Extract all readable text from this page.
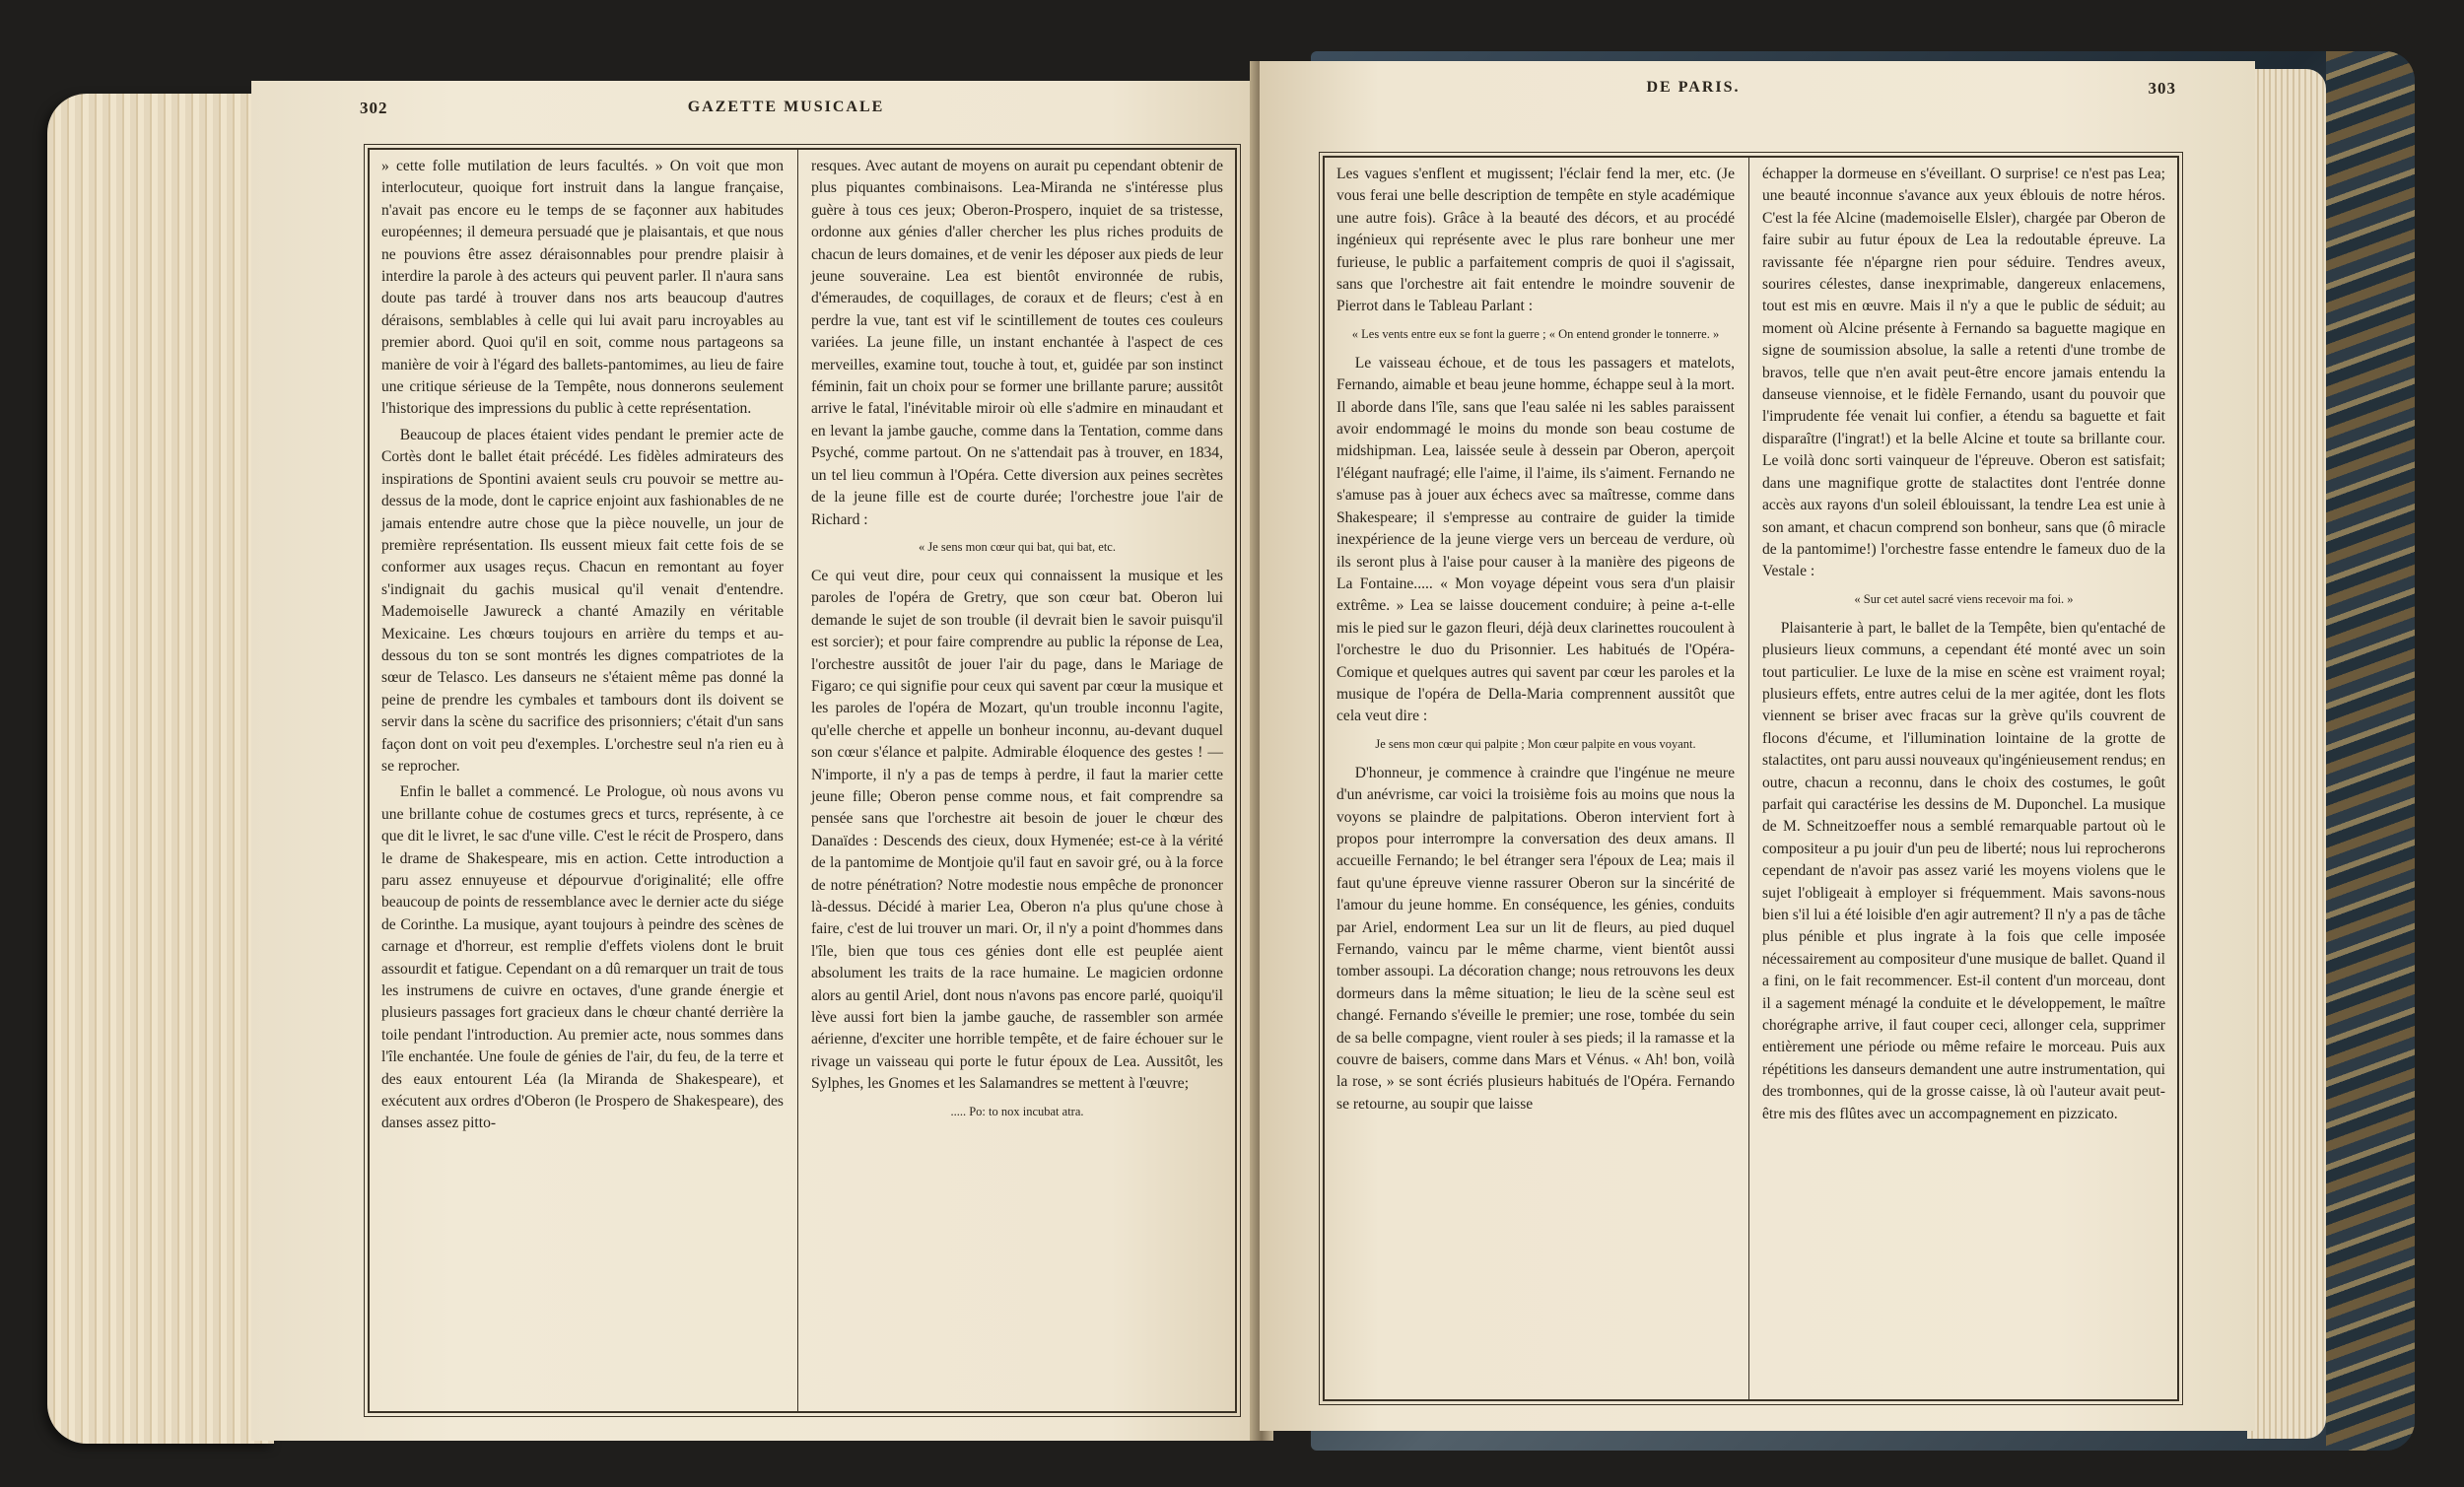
302	GAZETTE MUSICALE

» cette folle mutilation de leurs facultés. » On voit que mon interlocuteur, quoique fort instruit dans la langue française, n'avait pas encore eu le temps de se façonner aux habitudes européennes; il demeura persuadé que je plaisantais, et que nous ne pouvions être assez déraisonnables pour prendre plaisir à interdire la parole à des acteurs qui peuvent parler. Il n'aura sans doute pas tardé à trouver dans nos arts beaucoup d'autres déraisons, semblables à celle qui lui avait paru incroyables au premier abord. Quoi qu'il en soit, comme nous partageons sa manière de voir à l'égard des ballets-pantomimes, au lieu de faire une critique sérieuse de la Tempête, nous donnerons seulement l'historique des impressions du public à cette représentation.

Beaucoup de places étaient vides pendant le premier acte de Cortès dont le ballet était précédé. Les fidèles admirateurs des inspirations de Spontini avaient seuls cru pouvoir se mettre au-dessus de la mode, dont le caprice enjoint aux fashionables de ne jamais entendre autre chose que la pièce nouvelle, un jour de première représentation. Ils eussent mieux fait cette fois de se conformer aux usages reçus. Chacun en remontant au foyer s'indignait du gachis musical qu'il venait d'entendre. Mademoiselle Jawureck a chanté Amazily en véritable Mexicaine. Les chœurs toujours en arrière du temps et au-dessous du ton se sont montrés les dignes compatriotes de la sœur de Telasco. Les danseurs ne s'étaient même pas donné la peine de prendre les cymbales et tambours dont ils doivent se servir dans la scène du sacrifice des prisonniers; c'était d'un sans façon dont on voit peu d'exemples. L'orchestre seul n'a rien eu à se reprocher.

Enfin le ballet a commencé. Le Prologue, où nous avons vu une brillante cohue de costumes grecs et turcs, représente, à ce que dit le livret, le sac d'une ville. C'est le récit de Prospero, dans le drame de Shakespeare, mis en action. Cette introduction a paru assez ennuyeuse et dépourvue d'originalité; elle offre beaucoup de points de ressemblance avec le dernier acte du siége de Corinthe. La musique, ayant toujours à peindre des scènes de carnage et d'horreur, est remplie d'effets violens dont le bruit assourdit et fatigue. Cependant on a dû remarquer un trait de tous les instrumens de cuivre en octaves, d'une grande énergie et plusieurs passages fort gracieux dans le chœur chanté derrière la toile pendant l'introduction. Au premier acte, nous sommes dans l'île enchantée. Une foule de génies de l'air, du feu, de la terre et des eaux entourent Léa (la Miranda de Shakespeare), et exécutent aux ordres d'Oberon (le Prospero de Shakespeare), des danses assez pitto-

resques. Avec autant de moyens on aurait pu cependant obtenir de plus piquantes combinaisons. Lea-Miranda ne s'intéresse plus guère à tous ces jeux; Oberon-Prospero, inquiet de sa tristesse, ordonne aux génies d'aller chercher les plus riches produits de chacun de leurs domaines, et de venir les déposer aux pieds de leur jeune souveraine. Lea est bientôt environnée de rubis, d'émeraudes, de coquillages, de coraux et de fleurs; c'est à en perdre la vue, tant est vif le scintillement de toutes ces couleurs variées. La jeune fille, un instant enchantée à l'aspect de ces merveilles, examine tout, touche à tout, et, guidée par son instinct féminin, fait un choix pour se former une brillante parure; aussitôt arrive le fatal, l'inévitable miroir où elle s'admire en minaudant et en levant la jambe gauche, comme dans la Tentation, comme dans Psyché, comme partout. On ne s'attendait pas à trouver, en 1834, un tel lieu commun à l'Opéra. Cette diversion aux peines secrètes de la jeune fille est de courte durée; l'orchestre joue l'air de Richard :

« Je sens mon cœur qui bat, qui bat, etc.

Ce qui veut dire, pour ceux qui connaissent la musique et les paroles de l'opéra de Gretry, que son cœur bat. Oberon lui demande le sujet de son trouble (il devrait bien le savoir puisqu'il est sorcier); et pour faire comprendre au public la réponse de Lea, l'orchestre aussitôt de jouer l'air du page, dans le Mariage de Figaro; ce qui signifie pour ceux qui savent par cœur la musique et les paroles de l'opéra de Mozart, qu'un trouble inconnu l'agite, qu'elle cherche et appelle un bonheur inconnu, au-devant duquel son cœur s'élance et palpite. Admirable éloquence des gestes ! — N'importe, il n'y a pas de temps à perdre, il faut la marier cette jeune fille; Oberon pense comme nous, et fait comprendre sa pensée sans que l'orchestre ait besoin de jouer le chœur des Danaïdes : Descends des cieux, doux Hymenée; est-ce à la vérité de la pantomime de Montjoie qu'il faut en savoir gré, ou à la force de notre pénétration? Notre modestie nous empêche de prononcer là-dessus. Décidé à marier Lea, Oberon n'a plus qu'une chose à faire, c'est de lui trouver un mari. Or, il n'y a point d'hommes dans l'île, bien que tous ces génies dont elle est peuplée aient absolument les traits de la race humaine. Le magicien ordonne alors au gentil Ariel, dont nous n'avons pas encore parlé, quoiqu'il lève aussi fort bien la jambe gauche, de rassembler son armée aérienne, d'exciter une horrible tempête, et de faire échouer sur le rivage un vaisseau qui porte le futur époux de Lea. Aussitôt, les Sylphes, les Gnomes et les Salamandres se mettent à l'œuvre;

..... Po: to nox incubat atra.

DE PARIS.	303

Les vagues s'enflent et mugissent; l'éclair fend la mer, etc. (Je vous ferai une belle description de tempête en style académique une autre fois). Grâce à la beauté des décors, et au procédé ingénieux qui représente avec le plus rare bonheur une mer furieuse, le public a parfaitement compris de quoi il s'agissait, sans que l'orchestre ait fait entendre le moindre souvenir de Pierrot dans le Tableau Parlant :

« Les vents entre eux se font la guerre ; « On entend gronder le tonnerre. »

Le vaisseau échoue, et de tous les passagers et matelots, Fernando, aimable et beau jeune homme, échappe seul à la mort. Il aborde dans l'île, sans que l'eau salée ni les sables paraissent avoir endommagé le moins du monde son beau costume de midshipman. Lea, laissée seule à dessein par Oberon, aperçoit l'élégant naufragé; elle l'aime, il l'aime, ils s'aiment. Fernando ne s'amuse pas à jouer aux échecs avec sa maîtresse, comme dans Shakespeare; il s'empresse au contraire de guider la timide inexpérience de la jeune vierge vers un berceau de verdure, où ils seront plus à l'aise pour causer à la manière des pigeons de La Fontaine..... « Mon voyage dépeint vous sera d'un plaisir extrême. » Lea se laisse doucement conduire; à peine a-t-elle mis le pied sur le gazon fleuri, déjà deux clarinettes roucoulent à l'orchestre le duo du Prisonnier. Les habitués de l'Opéra-Comique et quelques autres qui savent par cœur les paroles et la musique de l'opéra de Della-Maria comprennent aussitôt que cela veut dire :

Je sens mon cœur qui palpite ; Mon cœur palpite en vous voyant.

D'honneur, je commence à craindre que l'ingénue ne meure d'un anévrisme, car voici la troisième fois au moins que nous la voyons se plaindre de palpitations. Oberon intervient fort à propos pour interrompre la conversation des deux amans. Il accueille Fernando; le bel étranger sera l'époux de Lea; mais il faut qu'une épreuve vienne rassurer Oberon sur la sincérité de l'amour du jeune homme. En conséquence, les génies, conduits par Ariel, endorment Lea sur un lit de fleurs, au pied duquel Fernando, vaincu par le même charme, vient bientôt aussi tomber assoupi. La décoration change; nous retrouvons les deux dormeurs dans la même situation; le lieu de la scène seul est changé. Fernando s'éveille le premier; une rose, tombée du sein de sa belle compagne, vient rouler à ses pieds; il la ramasse et la couvre de baisers, comme dans Mars et Vénus. « Ah! bon, voilà la rose, » se sont écriés plusieurs habitués de l'Opéra. Fernando se retourne, au soupir que laisse

échapper la dormeuse en s'éveillant. O surprise! ce n'est pas Lea; une beauté inconnue s'avance aux yeux éblouis de notre héros. C'est la fée Alcine (mademoiselle Elsler), chargée par Oberon de faire subir au futur époux de Lea la redoutable épreuve. La ravissante fée n'épargne rien pour séduire. Tendres aveux, sourires célestes, danse inexprimable, dangereux enlacemens, tout est mis en œuvre. Mais il n'y a que le public de séduit; au moment où Alcine présente à Fernando sa baguette magique en signe de soumission absolue, la salle a retenti d'une trombe de bravos, telle que n'en avait peut-être encore jamais entendu la danseuse viennoise, et le fidèle Fernando, usant du pouvoir que l'imprudente fée venait lui confier, a étendu sa baguette et fait disparaître (l'ingrat!) et la belle Alcine et toute sa brillante cour. Le voilà donc sorti vainqueur de l'épreuve. Oberon est satisfait; dans une magnifique grotte de stalactites dont l'entrée donne accès aux rayons d'un soleil éblouissant, la tendre Lea est unie à son amant, et chacun comprend son bonheur, sans que (ô miracle de la pantomime!) l'orchestre fasse entendre le fameux duo de la Vestale :

« Sur cet autel sacré viens recevoir ma foi. »

Plaisanterie à part, le ballet de la Tempête, bien qu'entaché de plusieurs lieux communs, a cependant été monté avec un soin tout particulier. Le luxe de la mise en scène est vraiment royal; plusieurs effets, entre autres celui de la mer agitée, dont les flots viennent se briser avec fracas sur la grève qu'ils couvrent de flocons d'écume, et l'illumination lointaine de la grotte de stalactites, ont paru aussi nouveaux qu'ingénieusement rendus; en outre, chacun a reconnu, dans le choix des costumes, le goût parfait qui caractérise les dessins de M. Duponchel. La musique de M. Schneitzoeffer nous a semblé remarquable partout où le compositeur a pu jouir d'un peu de liberté; nous lui reprocherons cependant de n'avoir pas assez varié les moyens violens que le sujet l'obligeait à employer si fréquemment. Mais savons-nous bien s'il lui a été loisible d'en agir autrement? Il n'y a pas de tâche plus pénible et plus ingrate à la fois que celle imposée nécessairement au compositeur d'une musique de ballet. Quand il a fini, on le fait recommencer. Est-il content d'un morceau, dont il a sagement ménagé la conduite et le développement, le maître chorégraphe arrive, il faut couper ceci, allonger cela, supprimer entièrement une période ou même refaire le morceau. Puis aux répétitions les danseurs demandent une autre instrumentation, qui des trombonnes, qui de la grosse caisse, là où l'auteur avait peut-être mis des flûtes avec un accompagnement en pizzicato.
